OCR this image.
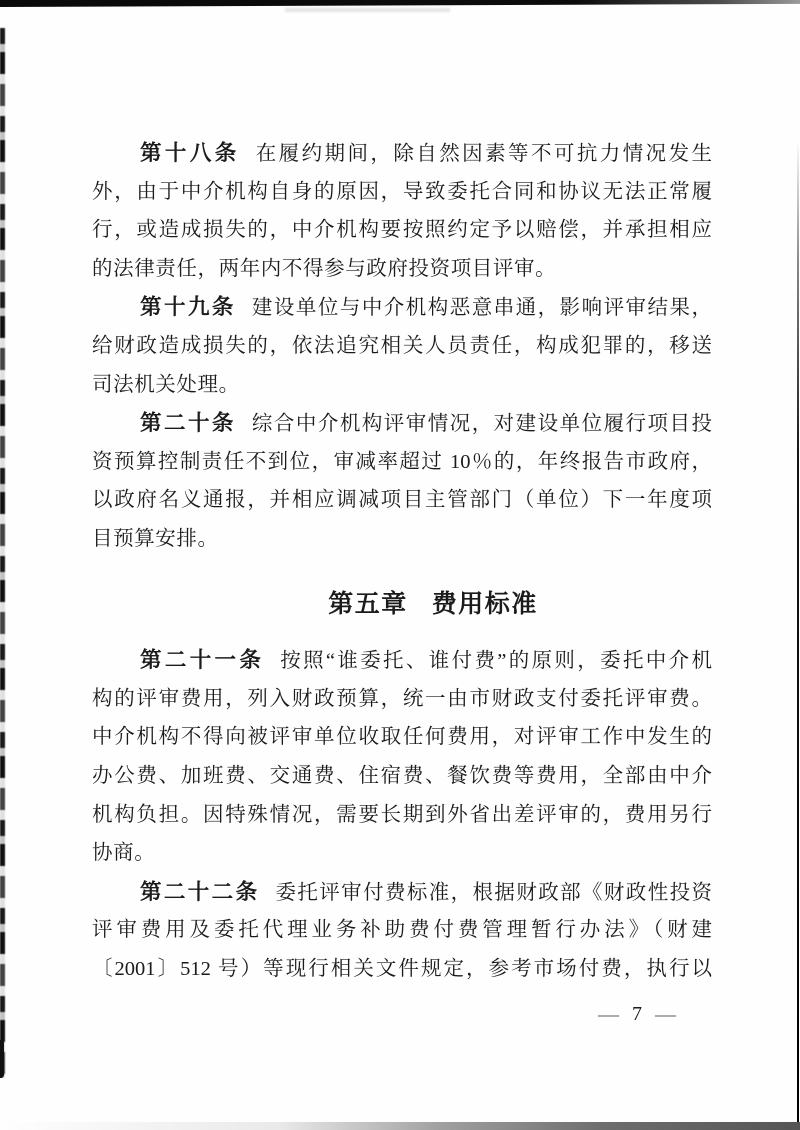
第十八条 在履约期间，除自然因素等不可抗力情况发生
外，由于中介机构自身的原因，导致委托合同和协议无法正常履
行，或造成损失的，中介机构要按照约定予以赔偿，并承担相应
的法律责任，两年内不得参与政府投资项目评审。
第十九条 建设单位与中介机构恶意串通，影响评审结果，
给财政造成损失的，依法追究相关人员责任，构成犯罪的，移送
司法机关处理。
第二十条 综合中介机构评审情况，对建设单位履行项目投
资预算控制责任不到位，审减率超过 10％的，年终报告市政府，
以政府名义通报，并相应调减项目主管部门（单位）下一年度项
目预算安排。
第五章 费用标准
第二十一条 按照“谁委托、谁付费”的原则，委托中介机
构的评审费用，列入财政预算，统一由市财政支付委托评审费。
中介机构不得向被评审单位收取任何费用，对评审工作中发生的
办公费、加班费、交通费、住宿费、餐饮费等费用，全部由中介
机构负担。因特殊情况，需要长期到外省出差评审的，费用另行
协商。
第二十二条 委托评审付费标准，根据财政部《财政性投资
评审费用及委托代理业务补助费付费管理暂行办法》（财建
〔2001〕512 号）等现行相关文件规定，参考市场付费，执行以
— 7 —
